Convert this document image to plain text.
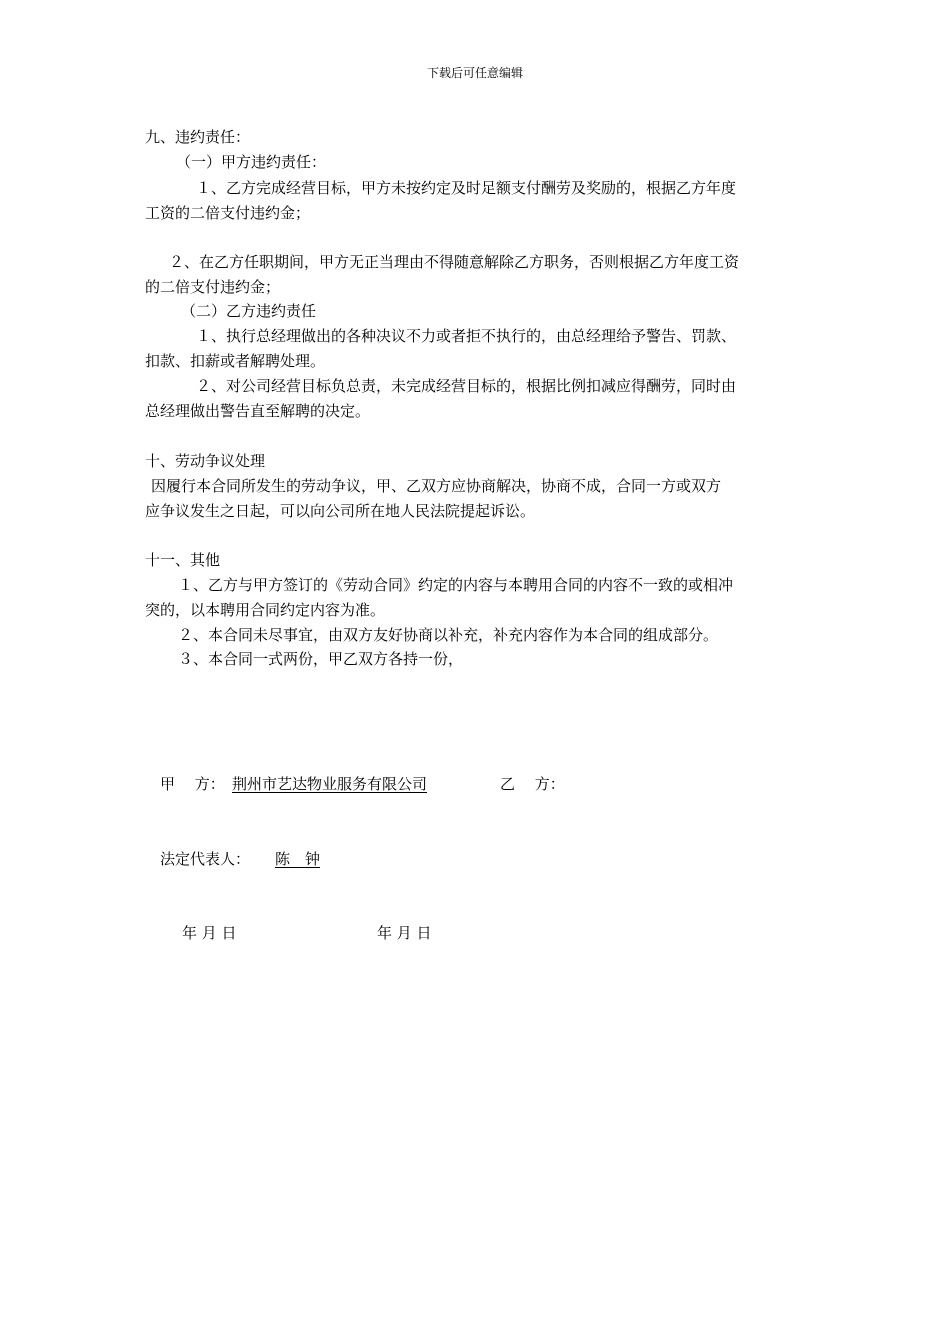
下载后可任意编辑
九、违约责任：
（一）甲方违约责任：
１、乙方完成经营目标，甲方未按约定及时足额支付酬劳及奖励的，根据乙方年度
工资的二倍支付违约金；
２、在乙方任职期间，甲方无正当理由不得随意解除乙方职务，否则根据乙方年度工资
的二倍支付违约金；
（二）乙方违约责任
１、执行总经理做出的各种决议不力或者拒不执行的，由总经理给予警告、罚款、
扣款、扣薪或者解聘处理。
２、对公司经营目标负总责，未完成经营目标的，根据比例扣减应得酬劳，同时由
总经理做出警告直至解聘的决定。
十、劳动争议处理
因履行本合同所发生的劳动争议，甲、乙双方应协商解决，协商不成，合同一方或双方
应争议发生之日起，可以向公司所在地人民法院提起诉讼。
十一、其他
１、乙方与甲方签订的《劳动合同》约定的内容与本聘用合同的内容不一致的或相冲
突的，以本聘用合同约定内容为准。
２、本合同未尽事宜，由双方友好协商以补充，补充内容作为本合同的组成部分。
３、本合同一式两份，甲乙双方各持一份，
甲　 方： 荆州市艺达物业服务有限公司	乙　 方：
法定代表人：	陈　钟
年 月 日	年 月 日
